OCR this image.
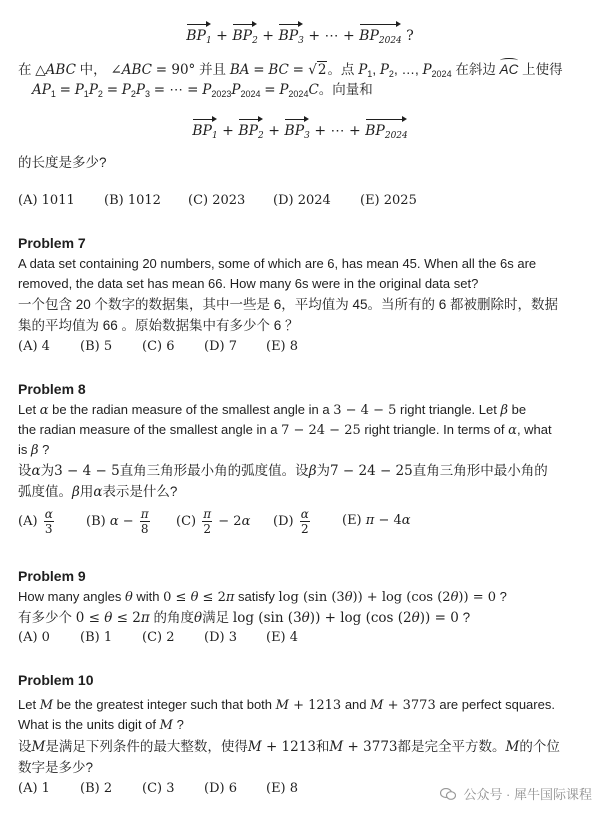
$BP_1 + BP_2 + BP_3$ + ⋯ + $BP_{2024}$ ?
在 △ABC 中， ∠ABC = 90° 并且 BA = BC = √2。点 $P_1$, $P_2$, …, $P_{2024}$ 在斜边 AC 上使得
$AP_1 = P_1P_2 = P_2P_3$ = ⋯ = $P_{2023}P_{2024} = P_{2024}C$。向量和
$BP_1 + BP_2 + BP_3$ + ⋯ + $BP_{2024}$
的长度是多少?
(A) 1011 (B) 1012 (C) 2023 (D) 2024 (E) 2025
Problem 7
A data set containing 20 numbers, some of which are 6, has mean 45. When all the 6s are
removed, the data set has mean 66. How many 6s were in the original data set?
一个包含 20 个数字的数据集，其中一些是 6，平均值为 45。当所有的 6 都被删除时，数据
集的平均值为 66 。原始数据集中有多少个 6 ？
(A) 4 (B) 5 (C) 6 (D) 7 (E) 8
Problem 8
Let α be the radian measure of the smallest angle in a 3 − 4 − 5 right triangle. Let β be
the radian measure of the smallest angle in a 7 − 24 − 25 right triangle. In terms of α, what
is β ?
设α为3 − 4 − 5直角三角形最小角的弧度值。设β为7 − 24 − 25直角三角形中最小角的
弧度值。β用α表示是什么?
$(A) \frac{\alpha}{3} (B) \alpha - \frac{\pi}{8} (C) \frac{\pi}{2} - 2\alpha$ $(D) \frac{\alpha}{2} (E) \pi - 4\alpha$
Problem 9
How many angles θ with 0 ≤ θ ≤ 2π satisfy log (sin (3θ)) + log (cos (2θ)) = 0 ?
有多少个 0 ≤ θ ≤ 2π 的角度θ满足 log (sin (3θ)) + log (cos (2θ)) = 0 ?
(A) 0 (B) 1 (C) 2 (D) 3 (E) 4
Problem 10
Let M be the greatest integer such that both M + 1213 and M + 3773 are perfect squares.
What is the units digit of M ?
设M是满足下列条件的最大整数，使得M + 1213和M + 3773都是完全平方数。M的个位
数字是多少?
(A) 1 (B) 2 (C) 3 (D) 6 (E) 8	公众号 · 犀牛国际课程
